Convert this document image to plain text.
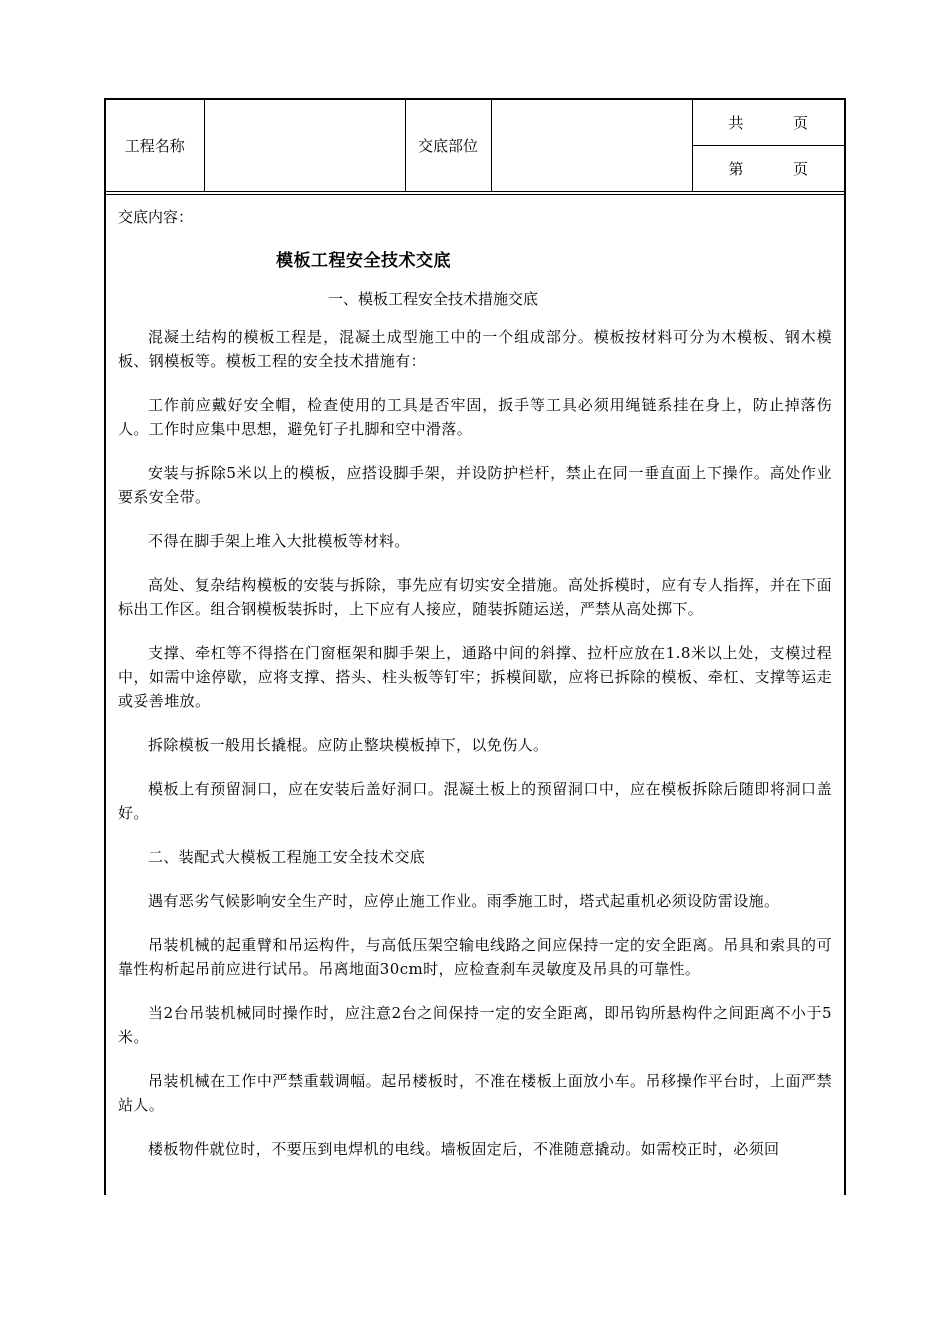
工程名称		交底部位		
共	页

第	页
交底内容：
模板工程安全技术交底
一、模板工程安全技术措施交底

混凝土结构的模板工程是，混凝土成型施工中的一个组成部分。模板按材料可分为木模板、钢木模板、钢模板等。模板工程的安全技术措施有：

工作前应戴好安全帽，检查使用的工具是否牢固，扳手等工具必须用绳链系挂在身上，防止掉落伤人。工作时应集中思想，避免钉子扎脚和空中滑落。

安装与拆除5米以上的模板，应搭设脚手架，并设防护栏杆，禁止在同一垂直面上下操作。高处作业要系安全带。

不得在脚手架上堆入大批模板等材料。

高处、复杂结构模板的安装与拆除，事先应有切实安全措施。高处拆模时，应有专人指挥，并在下面标出工作区。组合钢模板装拆时，上下应有人接应，随装拆随运送，严禁从高处掷下。

支撑、牵杠等不得搭在门窗框架和脚手架上，通路中间的斜撑、拉杆应放在1.8米以上处，支模过程中，如需中途停歇，应将支撑、搭头、柱头板等钉牢；拆模间歇，应将已拆除的模板、牵杠、支撑等运走或妥善堆放。

拆除模板一般用长撬棍。应防止整块模板掉下，以免伤人。

模板上有预留洞口，应在安装后盖好洞口。混凝土板上的预留洞口中，应在模板拆除后随即将洞口盖好。

二、装配式大模板工程施工安全技术交底

遇有恶劣气候影响安全生产时，应停止施工作业。雨季施工时，塔式起重机必须设防雷设施。

吊装机械的起重臂和吊运构件，与高低压架空输电线路之间应保持一定的安全距离。吊具和索具的可靠性构析起吊前应进行试吊。吊离地面30cm时，应检查刹车灵敏度及吊具的可靠性。

当2台吊装机械同时操作时，应注意2台之间保持一定的安全距离，即吊钩所悬构件之间距离不小于5米。

吊装机械在工作中严禁重载调幅。起吊楼板时，不准在楼板上面放小车。吊移操作平台时，上面严禁站人。

楼板物件就位时，不要压到电焊机的电线。墙板固定后，不准随意撬动。如需校正时，必须回
